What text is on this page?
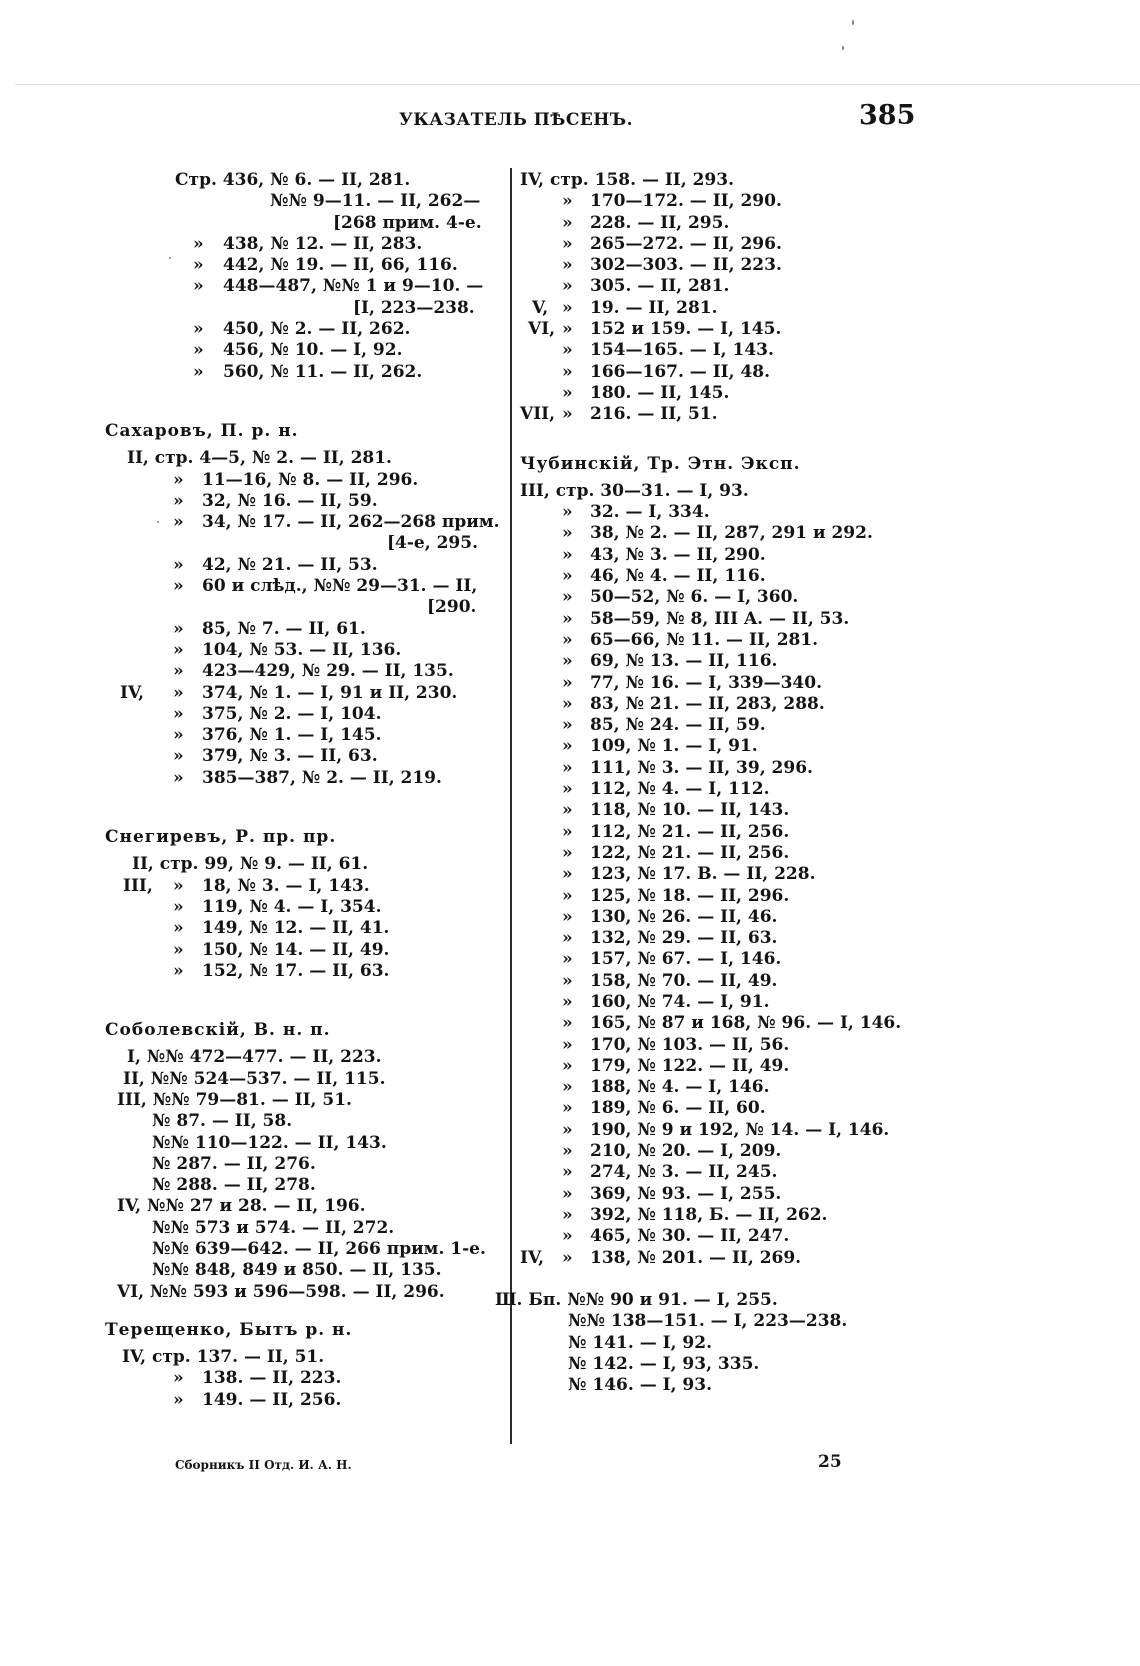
УКАЗАТЕЛЬ ПѢСЕНЪ.	385
Стр. 436, № 6. — II, 281.
№№ 9—11. — II, 262—
[268 прим. 4-е.
» 438, № 12. — II, 283.
» 442, № 19. — II, 66, 116.
» 448—487, №№ 1 и 9—10. —
[I, 223—238.
» 450, № 2. — II, 262.
» 456, № 10. — I, 92.
» 560, № 11. — II, 262.
Сахаровъ, П. р. н.
II, стр. 4—5, № 2. — II, 281.
» 11—16, № 8. — II, 296.
» 32, № 16. — II, 59.
» 34, № 17. — II, 262—268 прим.
[4-е, 295.
» 42, № 21. — II, 53.
» 60 и слѣд., №№ 29—31. — II,
[290.
» 85, № 7. — II, 61.
» 104, № 53. — II, 136.
» 423—429, № 29. — II, 135.
IV, » 374, № 1. — I, 91 и II, 230.
» 375, № 2. — I, 104.
» 376, № 1. — I, 145.
» 379, № 3. — II, 63.
» 385—387, № 2. — II, 219.
Снегиревъ, Р. пр. пр.
II, стр. 99, № 9. — II, 61.
III, » 18, № 3. — I, 143.
» 119, № 4. — I, 354.
» 149, № 12. — II, 41.
» 150, № 14. — II, 49.
» 152, № 17. — II, 63.
Соболевскій, В. н. п.
I, №№ 472—477. — II, 223.
II, №№ 524—537. — II, 115.
III, №№ 79—81. — II, 51.
№ 87. — II, 58.
№№ 110—122. — II, 143.
№ 287. — II, 276.
№ 288. — II, 278.
IV, №№ 27 и 28. — II, 196.
№№ 573 и 574. — II, 272.
№№ 639—642. — II, 266 прим. 1-е.
№№ 848, 849 и 850. — II, 135.
VI, №№ 593 и 596—598. — II, 296.
Терещенко, Бытъ р. н.
IV, стр. 137. — II, 51.
» 138. — II, 223.
» 149. — II, 256.
IV, стр. 158. — II, 293.
» 170—172. — II, 290.
» 228. — II, 295.
» 265—272. — II, 296.
» 302—303. — II, 223.
» 305. — II, 281.
V, » 19. — II, 281.
VI, » 152 и 159. — I, 145.
» 154—165. — I, 143.
» 166—167. — II, 48.
» 180. — II, 145.
VII, » 216. — II, 51.
Чубинскій, Тр. Этн. Эксп.
III, стр. 30—31. — I, 93.
» 32. — I, 334.
» 38, № 2. — II, 287, 291 и 292.
» 43, № 3. — II, 290.
» 46, № 4. — II, 116.
» 50—52, № 6. — I, 360.
» 58—59, № 8, III A. — II, 53.
» 65—66, № 11. — II, 281.
» 69, № 13. — II, 116.
» 77, № 16. — I, 339—340.
» 83, № 21. — II, 283, 288.
» 85, № 24. — II, 59.
» 109, № 1. — I, 91.
» 111, № 3. — II, 39, 296.
» 112, № 4. — I, 112.
» 118, № 10. — II, 143.
» 112, № 21. — II, 256.
» 122, № 21. — II, 256.
» 123, № 17. B. — II, 228.
» 125, № 18. — II, 296.
» 130, № 26. — II, 46.
» 132, № 29. — II, 63.
» 157, № 67. — I, 146.
» 158, № 70. — II, 49.
» 160, № 74. — I, 91.
» 165, № 87 и 168, № 96. — I, 146.
» 170, № 103. — II, 56.
» 179, № 122. — II, 49.
» 188, № 4. — I, 146.
» 189, № 6. — II, 60.
» 190, № 9 и 192, № 14. — I, 146.
» 210, № 20. — I, 209.
» 274, № 3. — II, 245.
» 369, № 93. — I, 255.
» 392, № 118, Б. — II, 262.
» 465, № 30. — II, 247.
IV, » 138, № 201. — II, 269.
Ш. Бп. №№ 90 и 91. — I, 255.
№№ 138—151. — I, 223—238.
№ 141. — I, 92.
№ 142. — I, 93, 335.
№ 146. — I, 93.
Сборникъ II Отд. И. А. Н.	25
